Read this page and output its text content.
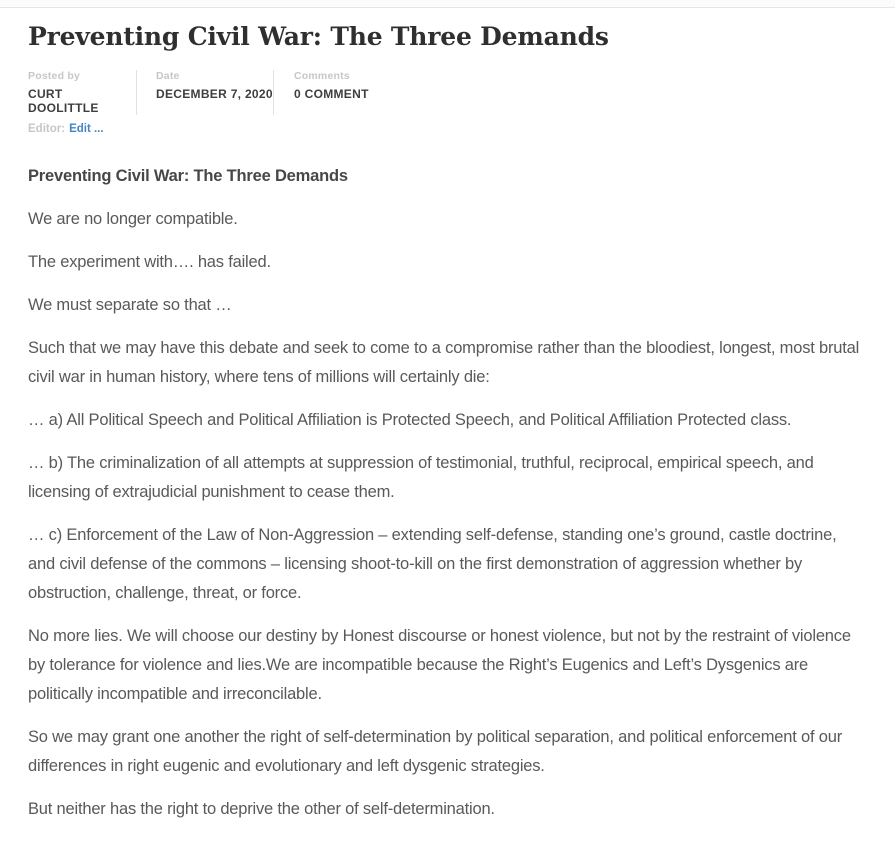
Preventing Civil War: The Three Demands
Posted by
CURT DOOLITTLE
Date
DECEMBER 7, 2020
Comments
0 COMMENT
Editor: Edit ...

Preventing Civil War: The Three Demands

We are no longer compatible.

The experiment with…. has failed.

We must separate so that …

Such that we may have this debate and seek to come to a compromise rather than the bloodiest, longest, most brutal civil war in human history, where tens of millions will certainly die:

… a) All Political Speech and Political Affiliation is Protected Speech, and Political Affiliation Protected class.

… b) The criminalization of all attempts at suppression of testimonial, truthful, reciprocal, empirical speech, and licensing of extrajudicial punishment to cease them.

… c) Enforcement of the Law of Non-Aggression – extending self-defense, standing one’s ground, castle doctrine, and civil defense of the commons – licensing shoot-to-kill on the first demonstration of aggression whether by obstruction, challenge, threat, or force.

No more lies. We will choose our destiny by Honest discourse or honest violence, but not by the restraint of violence by tolerance for violence and lies.We are incompatible because the Right’s Eugenics and Left’s Dysgenics are politically incompatible and irreconcilable.

So we may grant one another the right of self-determination by political separation, and political enforcement of our differences in right eugenic and evolutionary and left dysgenic strategies.

But neither has the right to deprive the other of self-determination.
